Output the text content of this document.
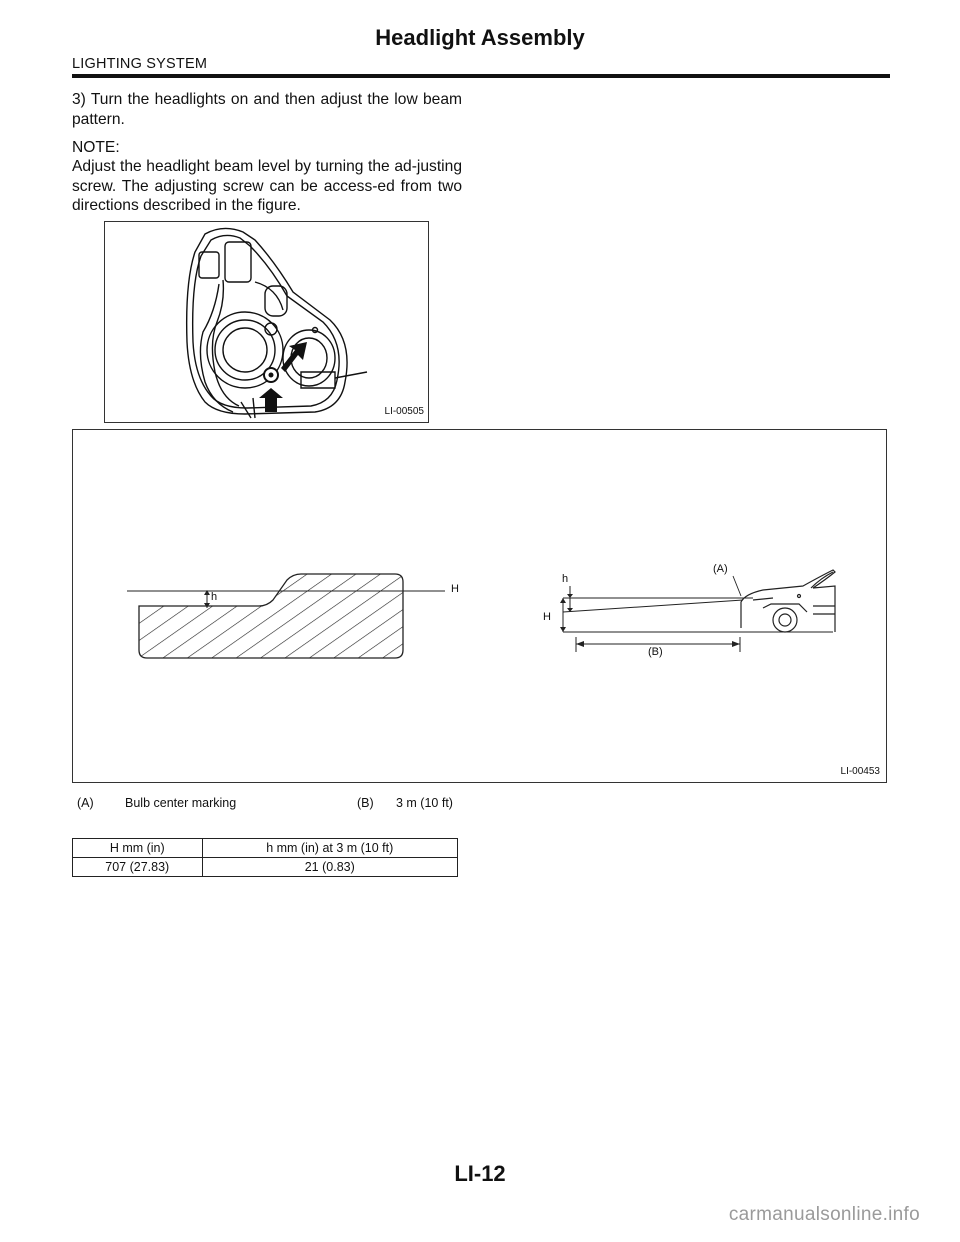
Headlight Assembly
LIGHTING SYSTEM
3) Turn the headlights on and then adjust the low beam pattern.
NOTE:
Adjust the headlight beam level by turning the ad-justing screw. The adjusting screw can be access-ed from two directions described in the figure.
LI-00505
h
H
h
H
(A)
(B)
LI-00453
(A)	Bulb center marking	(B) 3 m (10 ft)
H mm (in)	h mm (in) at 3 m (10 ft)
707 (27.83)	21 (0.83)
LI-12
carmanualsonline.info
